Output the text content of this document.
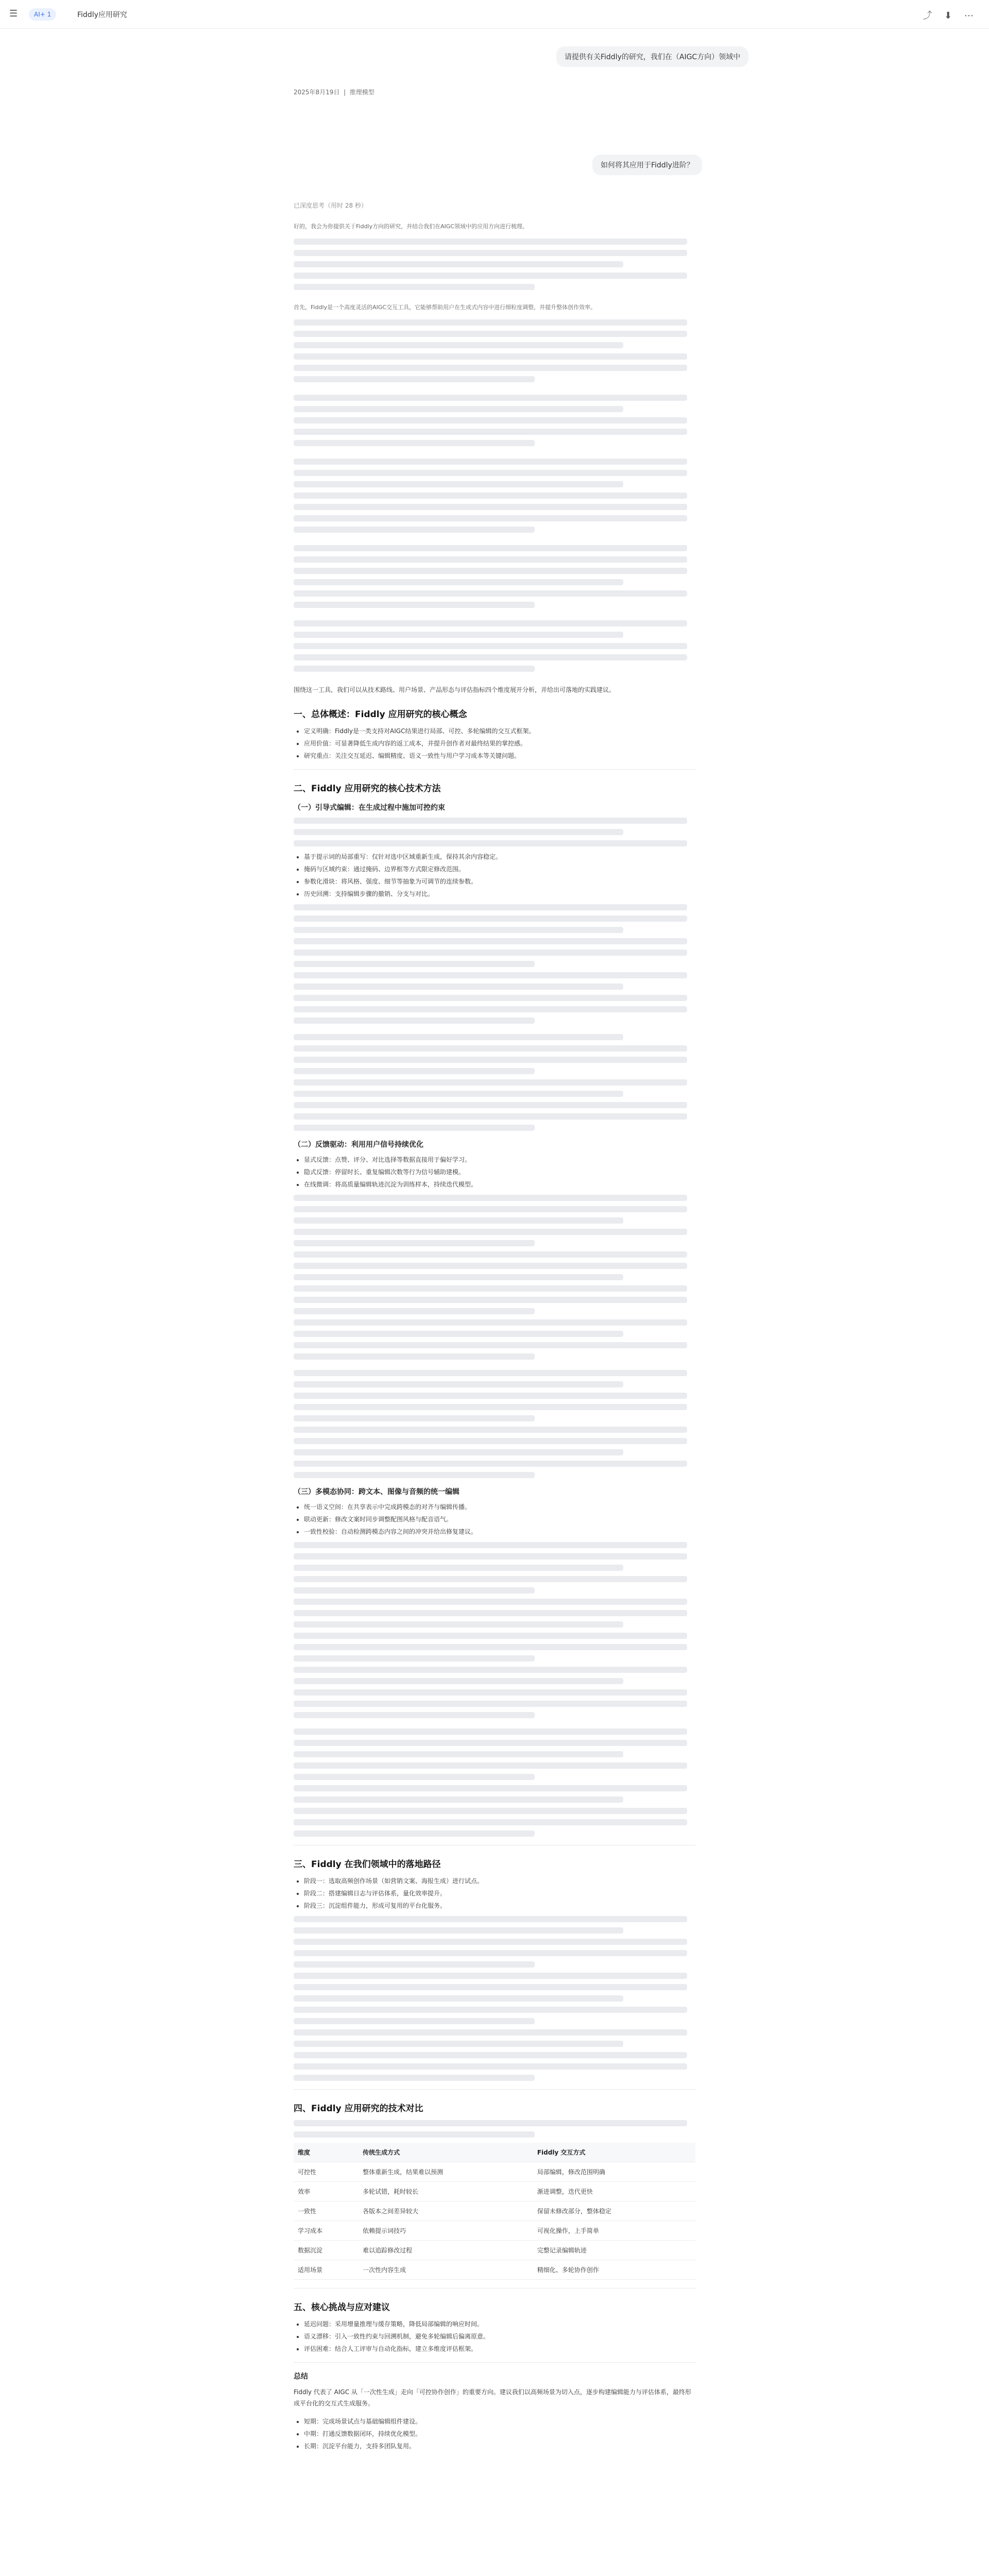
☰	AI+ 1	Fiddly应用研究	⤴ ⬇ ⋯
请提供有关Fiddly的研究，我们在（AIGC方向）领域中
2025年8月19日  |  推理模型
如何将其应用于Fiddly进阶？
已深度思考（用时 28 秒）

好的，我会为你提供关于Fiddly方向的研究，并结合我们在AIGC领域中的应用方向进行梳理。

首先，Fiddly是一个高度灵活的AIGC交互工具，它能够帮助用户在生成式内容中进行细粒度调整，并提升整体创作效率。

围绕这一工具，我们可以从技术路线、用户场景、产品形态与评估指标四个维度展开分析，并给出可落地的实践建议。

一、总体概述：Fiddly 应用研究的核心概念
• 定义明确：Fiddly是一类支持对AIGC结果进行局部、可控、多轮编辑的交互式框架。
• 应用价值：可显著降低生成内容的返工成本，并提升创作者对最终结果的掌控感。
• 研究重点：关注交互延迟、编辑精度、语义一致性与用户学习成本等关键问题。
二、Fiddly 应用研究的核心技术方法
（一）引导式编辑：在生成过程中施加可控约束
• 基于提示词的局部重写：仅针对选中区域重新生成，保持其余内容稳定。
• 掩码与区域约束：通过掩码、边界框等方式限定修改范围。
• 参数化滑块：将风格、强度、细节等抽象为可调节的连续参数。
• 历史回溯：支持编辑步骤的撤销、分支与对比。
（二）反馈驱动：利用用户信号持续优化
• 显式反馈：点赞、评分、对比选择等数据直接用于偏好学习。
• 隐式反馈：停留时长、重复编辑次数等行为信号辅助建模。
• 在线微调：将高质量编辑轨迹沉淀为训练样本，持续迭代模型。
（三）多模态协同：跨文本、图像与音频的统一编辑
• 统一语义空间：在共享表示中完成跨模态的对齐与编辑传播。
• 联动更新：修改文案时同步调整配图风格与配音语气。
• 一致性校验：自动检测跨模态内容之间的冲突并给出修复建议。
三、Fiddly 在我们领域中的落地路径
• 阶段一：选取高频创作场景（如营销文案、海报生成）进行试点。
• 阶段二：搭建编辑日志与评估体系，量化效率提升。
• 阶段三：沉淀组件能力，形成可复用的平台化服务。
四、Fiddly 应用研究的技术对比
维度	传统生成方式	Fiddly 交互方式
可控性	整体重新生成，结果难以预测	局部编辑，修改范围明确
效率	多轮试错，耗时较长	渐进调整，迭代更快
一致性	各版本之间差异较大	保留未修改部分，整体稳定
学习成本	依赖提示词技巧	可视化操作，上手简单
数据沉淀	难以追踪修改过程	完整记录编辑轨迹
适用场景	一次性内容生成	精细化、多轮协作创作
五、核心挑战与应对建议
• 延迟问题：采用增量推理与缓存策略，降低局部编辑的响应时间。
• 语义漂移：引入一致性约束与回溯机制，避免多轮编辑后偏离原意。
• 评估困难：结合人工评审与自动化指标，建立多维度评估框架。
总结

Fiddly 代表了 AIGC 从「一次性生成」走向「可控协作创作」的重要方向。建议我们以高频场景为切入点，逐步构建编辑能力与评估体系，最终形成平台化的交互式生成服务。

• 短期：完成场景试点与基础编辑组件建设。
• 中期：打通反馈数据闭环，持续优化模型。
• 长期：沉淀平台能力，支持多团队复用。
